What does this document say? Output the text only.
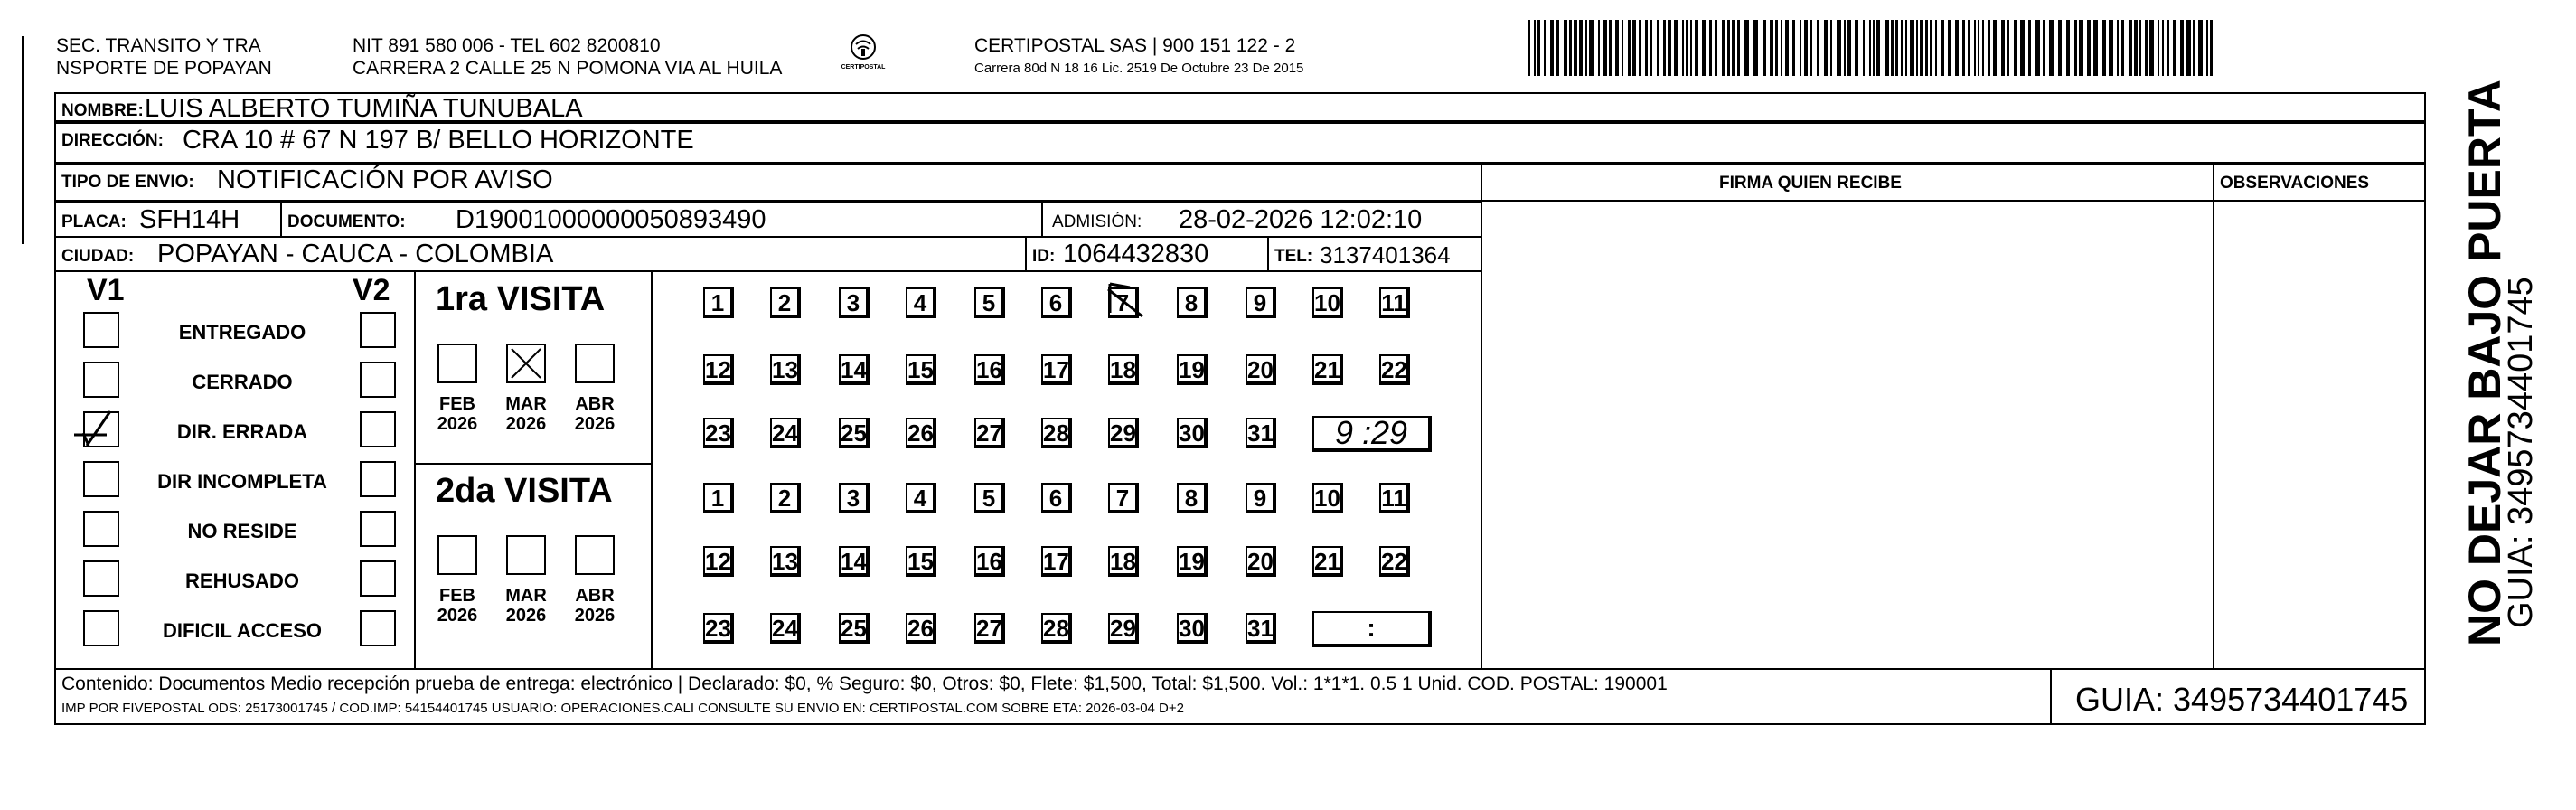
SEC. TRANSITO Y TRA
NSPORTE DE POPAYAN
NIT 891 580 006 - TEL 602 8200810
CARRERA 2 CALLE 25 N POMONA VIA AL HUILA	CERTIPOSTAL
CERTIPOSTAL SAS | 900 151 122 - 2
Carrera 80d N 18 16 Lic. 2519 De Octubre 23 De 2015
NOMBRE: LUIS ALBERTO TUMIÑA TUNUBALA
DIRECCIÓN: CRA 10 # 67 N 197 B/ BELLO HORIZONTE
TIPO DE ENVIO: NOTIFICACIÓN POR AVISO	FIRMA QUIEN RECIBE	OBSERVACIONES
PLACA: SFH14H	DOCUMENTO: D19001000000050893490	ADMISIÓN: 28-02-2026 12:02:10
CIUDAD: POPAYAN - CAUCA - COLOMBIA	ID: 1064432830	TEL: 3137401364
V1	V2
ENTREGADO
CERRADO
DIR. ERRADA
DIR INCOMPLETA
NO RESIDE
REHUSADO
DIFICIL ACCESO
1ra VISITA
2da VISITA
FEB
2026
MAR
2026
ABR
2026
FEB
2026
MAR
2026
ABR
2026
1	2	3	4	5	6	7	8	9	10 11
12 13 14 15 16 17 18 19 20 21 22
23 24 25 26 27 28 29 30 31	9 :29
1	2	3	4	5	6	7	8	9	10 11
12 13 14 15 16 17 18 19 20 21 22
23 24 25 26 27 28 29 30 31	:
Contenido: Documentos Medio recepción prueba de entrega: electrónico | Declarado: $0, % Seguro: $0, Otros: $0, Flete: $1,500, Total: $1,500. Vol.: 1*1*1. 0.5 1 Unid. COD. POSTAL: 190001
IMP POR FIVEPOSTAL ODS: 25173001745 / COD.IMP: 54154401745 USUARIO: OPERACIONES.CALI CONSULTE SU ENVIO EN: CERTIPOSTAL.COM SOBRE ETA: 2026-03-04 D+2	GUIA: 3495734401745
NO DEJAR BAJO PUERTA
GUIA: 3495734401745
